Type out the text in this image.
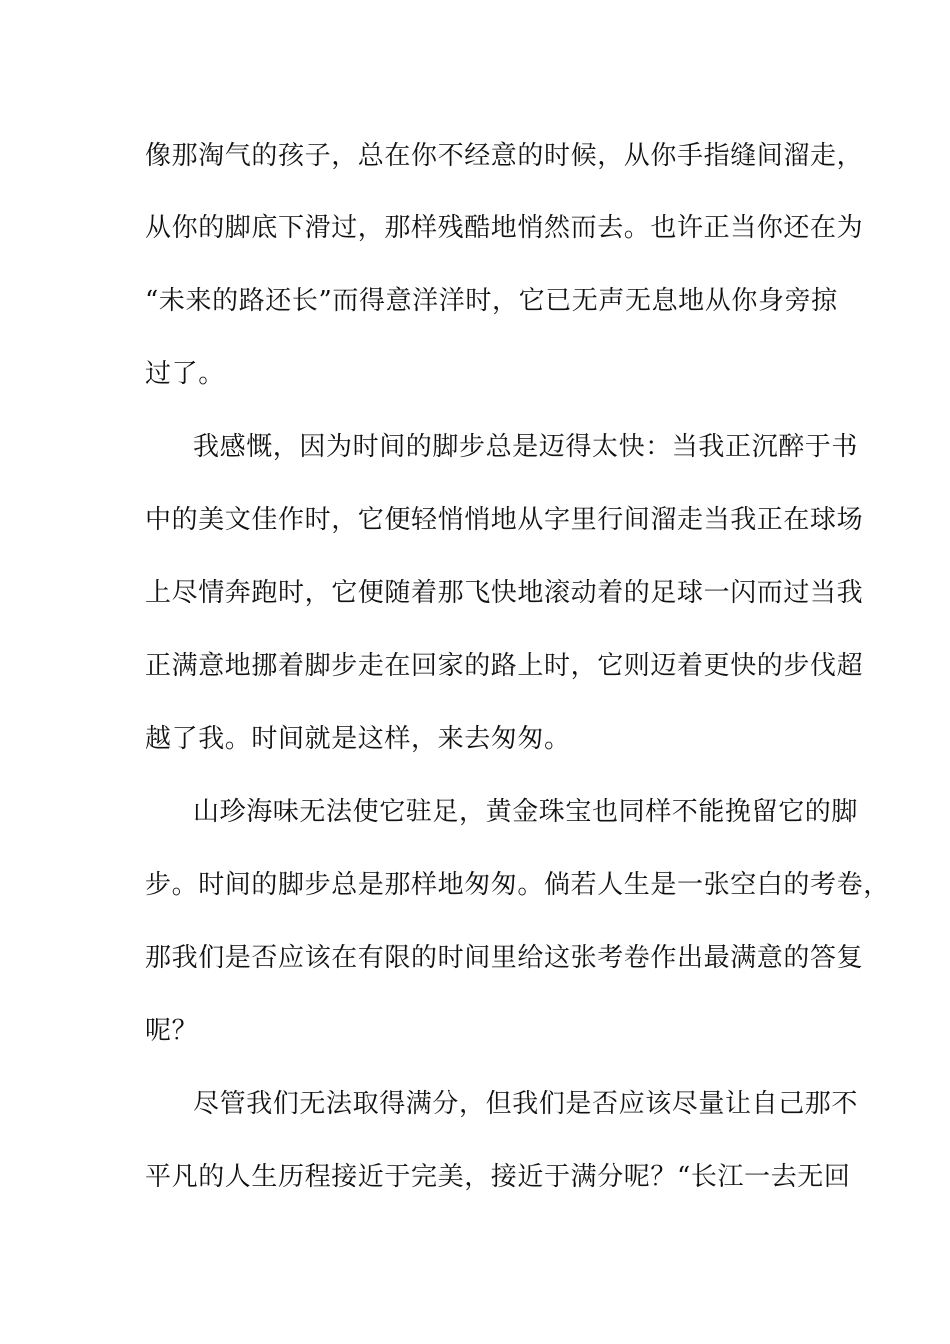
像那淘气的孩子，总在你不经意的时候，从你手指缝间溜走，
从你的脚底下滑过，那样残酷地悄然而去。也许正当你还在为
“未来的路还长”而得意洋洋时，它已无声无息地从你身旁掠
过了。
我感慨，因为时间的脚步总是迈得太快：当我正沉醉于书
中的美文佳作时，它便轻悄悄地从字里行间溜走当我正在球场
上尽情奔跑时，它便随着那飞快地滚动着的足球一闪而过当我
正满意地挪着脚步走在回家的路上时，它则迈着更快的步伐超
越了我。时间就是这样，来去匆匆。
山珍海味无法使它驻足，黄金珠宝也同样不能挽留它的脚
步。时间的脚步总是那样地匆匆。倘若人生是一张空白的考卷，
那我们是否应该在有限的时间里给这张考卷作出最满意的答复
呢？
尽管我们无法取得满分，但我们是否应该尽量让自己那不
平凡的人生历程接近于完美，接近于满分呢？“长江一去无回
